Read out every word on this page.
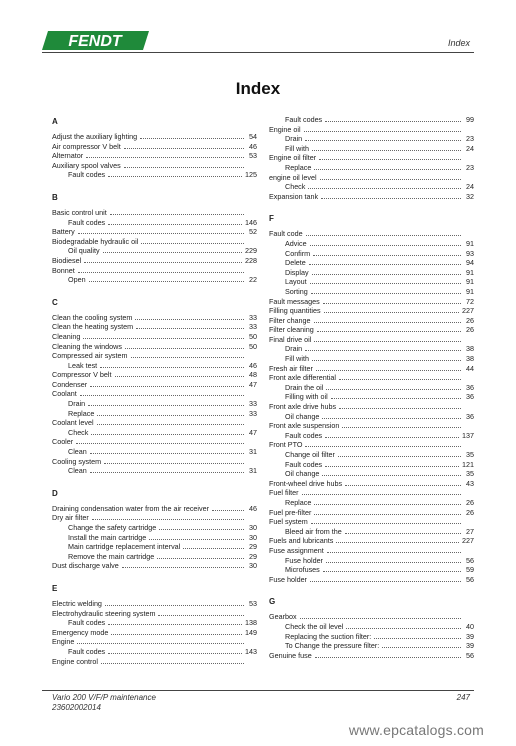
FENDT	Index
Index
A
Adjust the auxiliary lighting	54
Air compressor V belt	46
Alternator	53
Auxiliary spool valves
Fault codes	125
B
Basic control unit
Fault codes	146
Battery	52
Biodegradable hydraulic oil
Oil quality	229
Biodiesel	228
Bonnet
Open	22
C
Clean the cooling system	33
Clean the heating system	33
Cleaning	50
Cleaning the windows	50
Compressed air system
Leak test	46
Compressor V belt	48
Condenser	47
Coolant
Drain	33
Replace	33
Coolant level
Check	47
Cooler
Clean	31
Cooling system
Clean	31
D
Draining condensation water from the air receiver	46
Dry air filter
Change the safety cartridge	30
Install the main cartridge	30
Main cartridge replacement interval	29
Remove the main cartridge	29
Dust discharge valve	30
E
Electric welding	53
Electrohydraulic steering system
Fault codes	138
Emergency mode	149
Engine
Fault codes	143
Engine control
Fault codes	99
Engine oil
Drain	23
Fill with	24
Engine oil filter
Replace	23
engine oil level
Check	24
Expansion tank	32
F
Fault code
Advice	91
Confirm	93
Delete	94
Display	91
Layout	91
Sorting	91
Fault messages	72
Filling quantities	227
Filter change	26
Filter cleaning	26
Final drive oil
Drain	38
Fill with	38
Fresh air filter	44
Front axle differential
Drain the oil	36
Filling with oil	36
Front axle drive hubs
Oil change	36
Front axle suspension
Fault codes	137
Front PTO
Change oil filter	35
Fault codes	121
Oil change	35
Front-wheel drive hubs	43
Fuel filter
Replace	26
Fuel pre-filter	26
Fuel system
Bleed air from the	27
Fuels and lubricants	227
Fuse assignment
Fuse holder	56
Microfuses	59
Fuse holder	56
G
Gearbox
Check the oil level	40
Replacing the suction filter:	39
To Change the pressure filter:	39
Genuine fuse	56
Vario 200 V/F/P maintenance
23602002014
247
www.epcatalogs.com
